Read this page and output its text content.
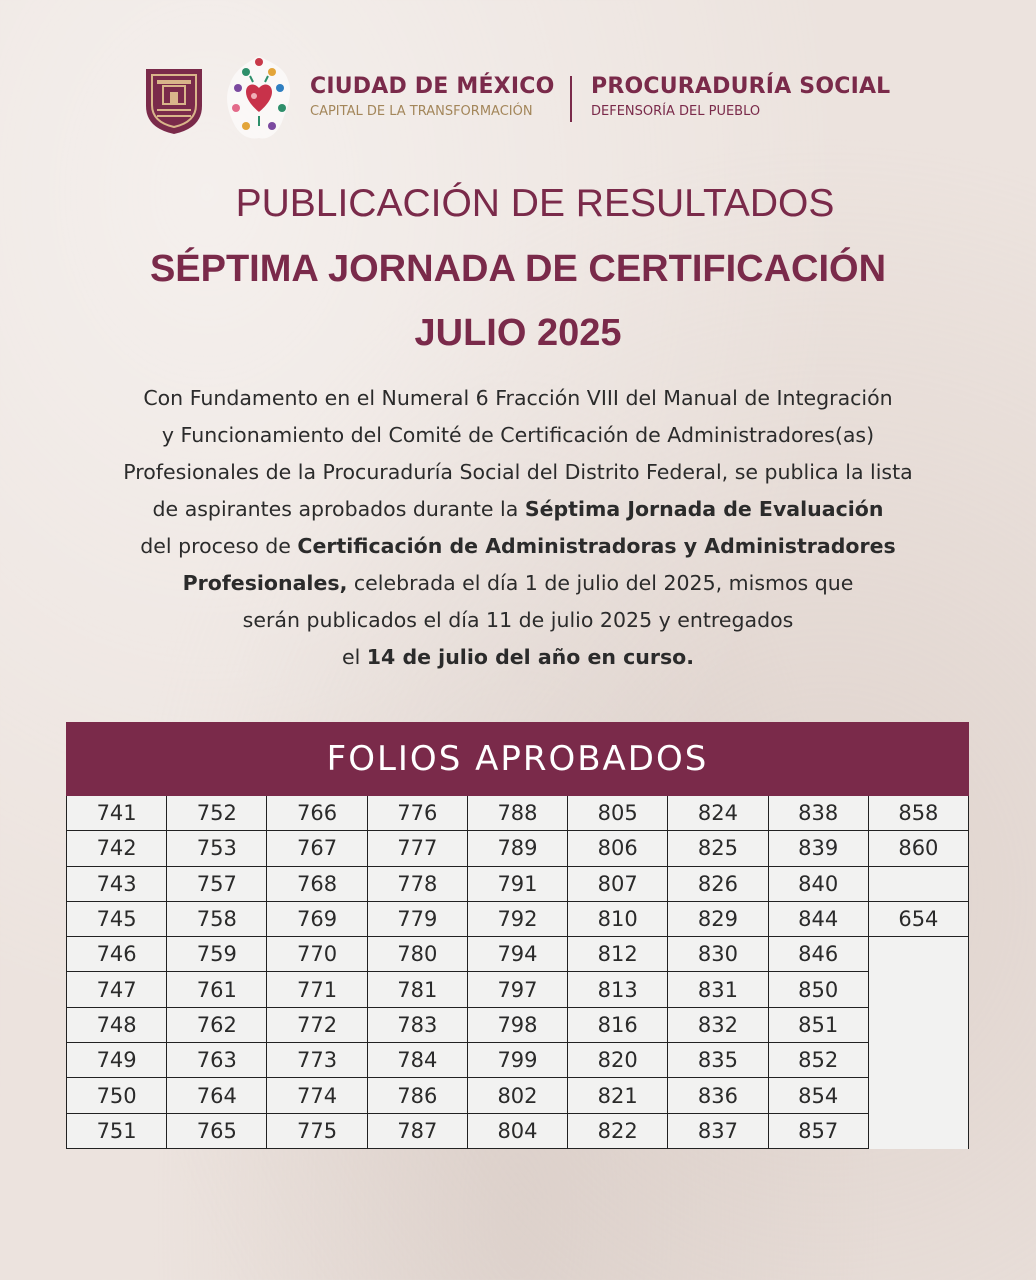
CIUDAD DE MÉXICO
CAPITAL DE LA TRANSFORMACIÓN
PROCURADURÍA SOCIAL
DEFENSORÍA DEL PUEBLO
PUBLICACIÓN DE RESULTADOS
SÉPTIMA JORNADA DE CERTIFICACIÓN
JULIO 2025
Con Fundamento en el Numeral 6 Fracción VIII del Manual de Integración
y Funcionamiento del Comité de Certificación de Administradores(as)
Profesionales de la Procuraduría Social del Distrito Federal, se publica la lista
de aspirantes aprobados durante la Séptima Jornada de Evaluación
del proceso de Certificación de Administradoras y Administradores
Profesionales, celebrada el día 1 de julio del 2025, mismos que
serán publicados el día 11 de julio 2025 y entregados
el 14 de julio del año en curso.
FOLIOS APROBADOS
741	752	766	776	788	805	824	838	858
742	753	767	777	789	806	825	839	860
743	757	768	778	791	807	826	840	
745	758	769	779	792	810	829	844	654
746	759	770	780	794	812	830	846	
747	761	771	781	797	813	831	850	
748	762	772	783	798	816	832	851	
749	763	773	784	799	820	835	852	
750	764	774	786	802	821	836	854	
751	765	775	787	804	822	837	857	
